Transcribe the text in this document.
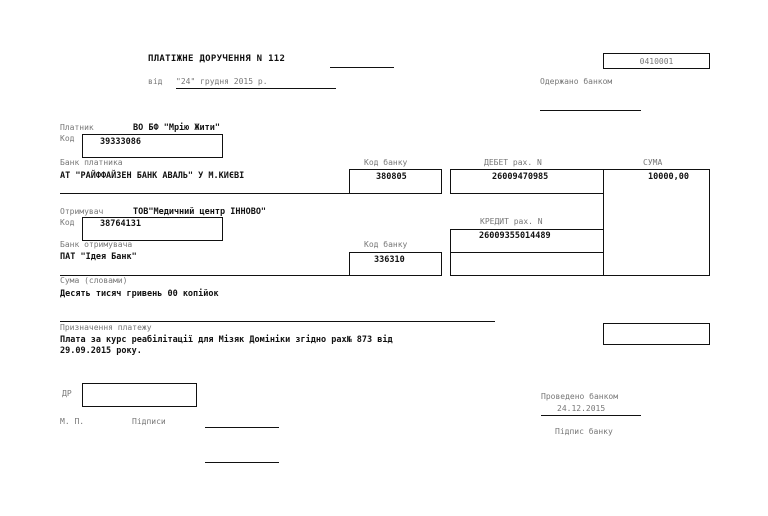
ПЛАТІЖНЕ ДОРУЧЕННЯ N 112	0410001
від "24" грудня 2015 р.	Одержано банком
Платник	ВО БФ "Мрію Жити"
Код	39333086
Банк платника	Код банку	ДЕБЕТ рах. N	СУМА
АТ "РАЙФФАЙЗЕН БАНК АВАЛЬ" У М.КИЄВІ	380805	26009470985	10000,00
Отримувач	ТОВ"Медичний центр ІННОВО"
Код	38764131	КРЕДИТ рах. N
26009355014489
Банк отримувача	Код банку
ПАТ "Ідея Банк"	336310
Сума (словами)
Десять тисяч гривень 00 копійок
Призначення платежу
Плата за курс реабілітації для Мізяк Домініки згідно рах№ 873 від
29.09.2015 року.
ДР
М. П.	Підписи
Проведено банком
24.12.2015
Підпис банку
